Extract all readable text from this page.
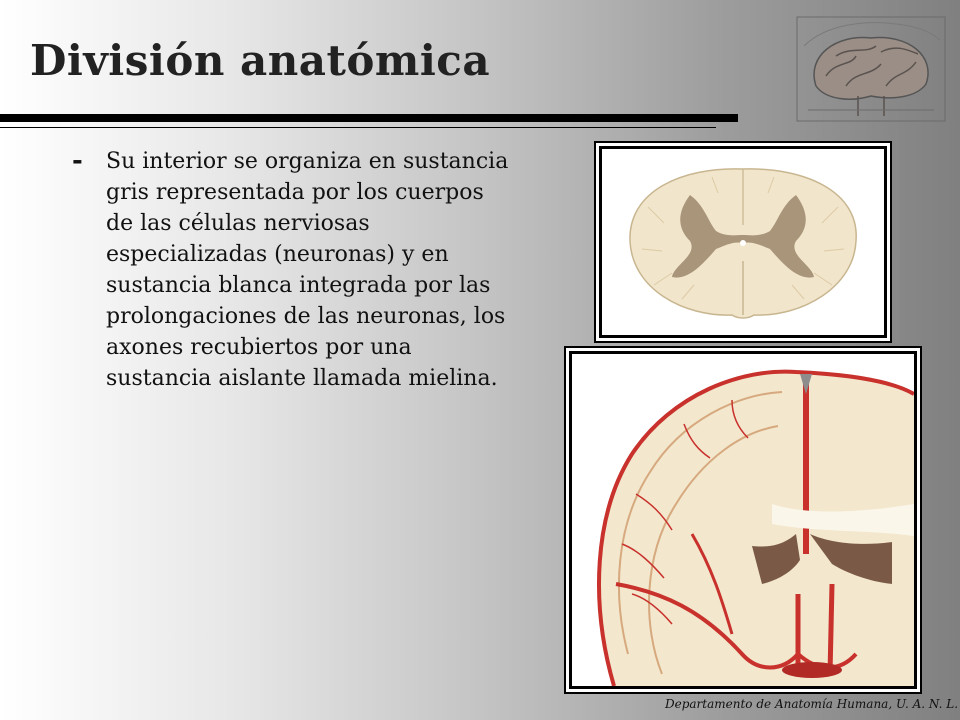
División anatómica
- Su interior se organiza en sustancia gris representada por los cuerpos de las células nerviosas especializadas (neuronas) y en sustancia blanca integrada por las prolongaciones de las neuronas, los axones recubiertos por una sustancia aislante llamada mielina.

Departamento de Anatomía Humana, U. A. N. L.
